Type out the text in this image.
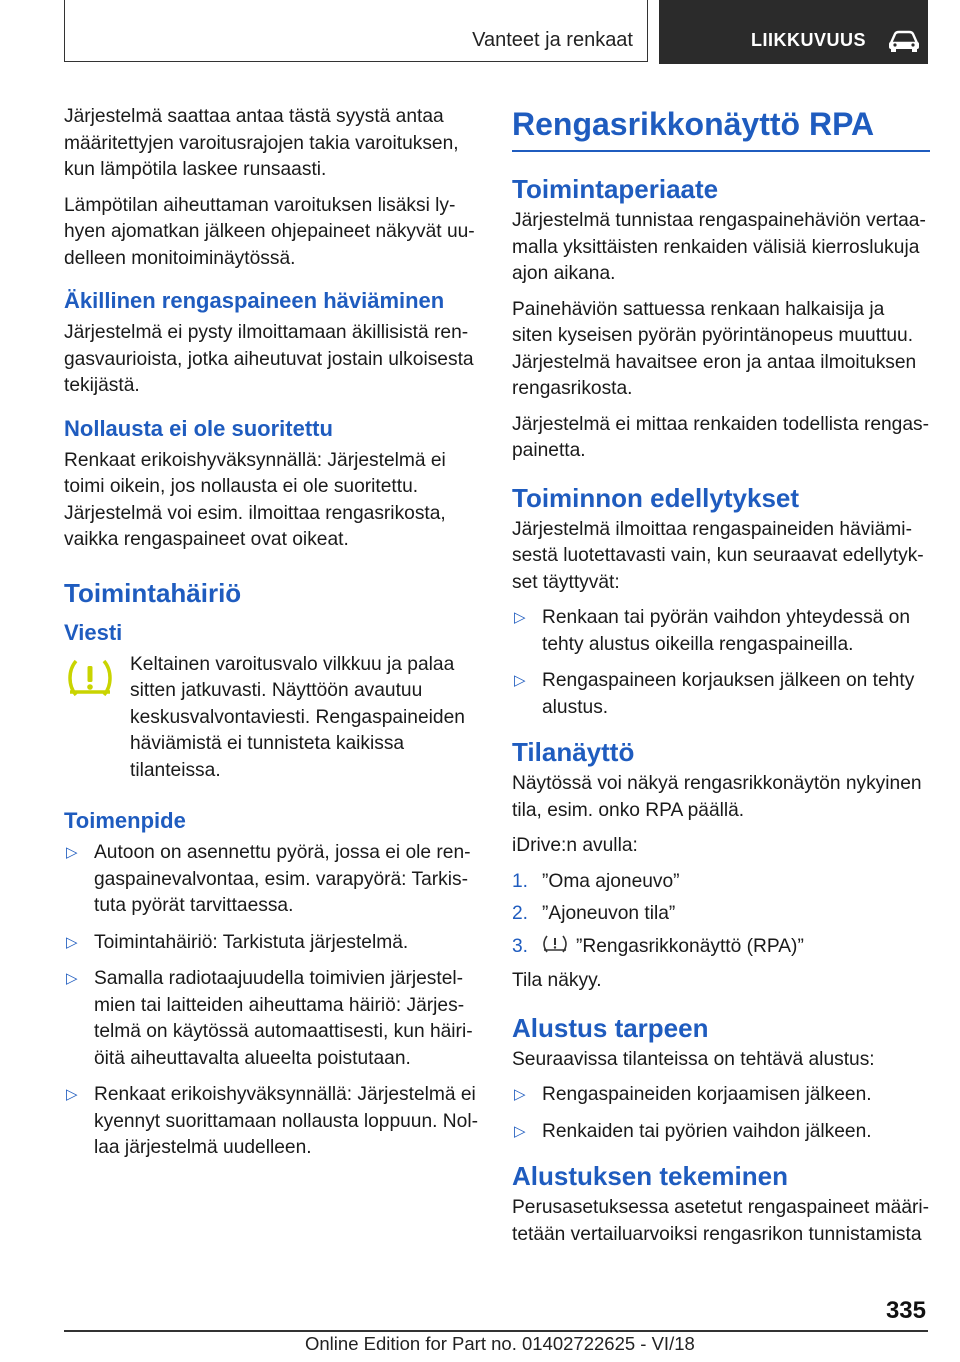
Vanteet ja renkaat	LIIKKUVUUS

Järjestelmä saattaa antaa tästä syystä antaa määritettyjen varoitusrajojen takia varoituksen, kun lämpötila laskee runsaasti.

Lämpötilan aiheuttaman varoituksen lisäksi lyhyen ajomatkan jälkeen ohjepaineet näkyvät uudelleen monitoiminäytössä.

Äkillinen rengaspaineen häviäminen

Järjestelmä ei pysty ilmoittamaan äkillisistä rengasvaurioista, jotka aiheutuvat jostain ulkoisesta tekijästä.

Nollausta ei ole suoritettu

Renkaat erikoishyväksynnällä: Järjestelmä ei toimi oikein, jos nollausta ei ole suoritettu. Järjestelmä voi esim. ilmoittaa rengasrikosta, vaikka rengaspaineet ovat oikeat.

Toimintahäiriö
Viesti

Keltainen varoitusvalo vilkkuu ja palaa sitten jatkuvasti. Näyttöön avautuu keskusvalvontaviesti. Rengaspaineiden häviämistä ei tunnisteta kaikissa tilanteissa.

Toimenpide
▷ Autoon on asennettu pyörä, jossa ei ole rengaspainevalvontaa, esim. varapyörä: Tarkistuta pyörät tarvittaessa.
▷ Toimintahäiriö: Tarkistuta järjestelmä.
▷ Samalla radiotaajuudella toimivien järjestelmien tai laitteiden aiheuttama häiriö: Järjestelmä on käytössä automaattisesti, kun häiriöitä aiheuttavalta alueelta poistutaan.
▷ Renkaat erikoishyväksynnällä: Järjestelmä ei kyennyt suorittamaan nollausta loppuun. Nollaa järjestelmä uudelleen.
Rengasrikkonäyttö RPA
Toimintaperiaate

Järjestelmä tunnistaa rengaspainehäviön vertaamalla yksittäisten renkaiden välisiä kierroslukuja ajon aikana.

Painehäviön sattuessa renkaan halkaisija ja siten kyseisen pyörän pyörintänopeus muuttuu. Järjestelmä havaitsee eron ja antaa ilmoituksen rengasrikosta.

Järjestelmä ei mittaa renkaiden todellista rengaspainetta.

Toiminnon edellytykset

Järjestelmä ilmoittaa rengaspaineiden häviämisestä luotettavasti vain, kun seuraavat edellytykset täyttyvät:

▷ Renkaan tai pyörän vaihdon yhteydessä on tehty alustus oikeilla rengaspaineilla.
▷ Rengaspaineen korjauksen jälkeen on tehty alustus.
Tilanäyttö

Näytössä voi näkyä rengasrikkonäytön nykyinen tila, esim. onko RPA päällä.

iDrive:n avulla:

1. ”Oma ajoneuvo”
2. ”Ajoneuvon tila”
3. ”Rengasrikkonäyttö (RPA)”

Tila näkyy.

Alustus tarpeen

Seuraavissa tilanteissa on tehtävä alustus:

▷ Rengaspaineiden korjaamisen jälkeen.
▷ Renkaiden tai pyörien vaihdon jälkeen.
Alustuksen tekeminen

Perusasetuksessa asetetut rengaspaineet määritetään vertailuarvoiksi rengasrikon tunnistamista

335
Online Edition for Part no. 01402722625 - VI/18
